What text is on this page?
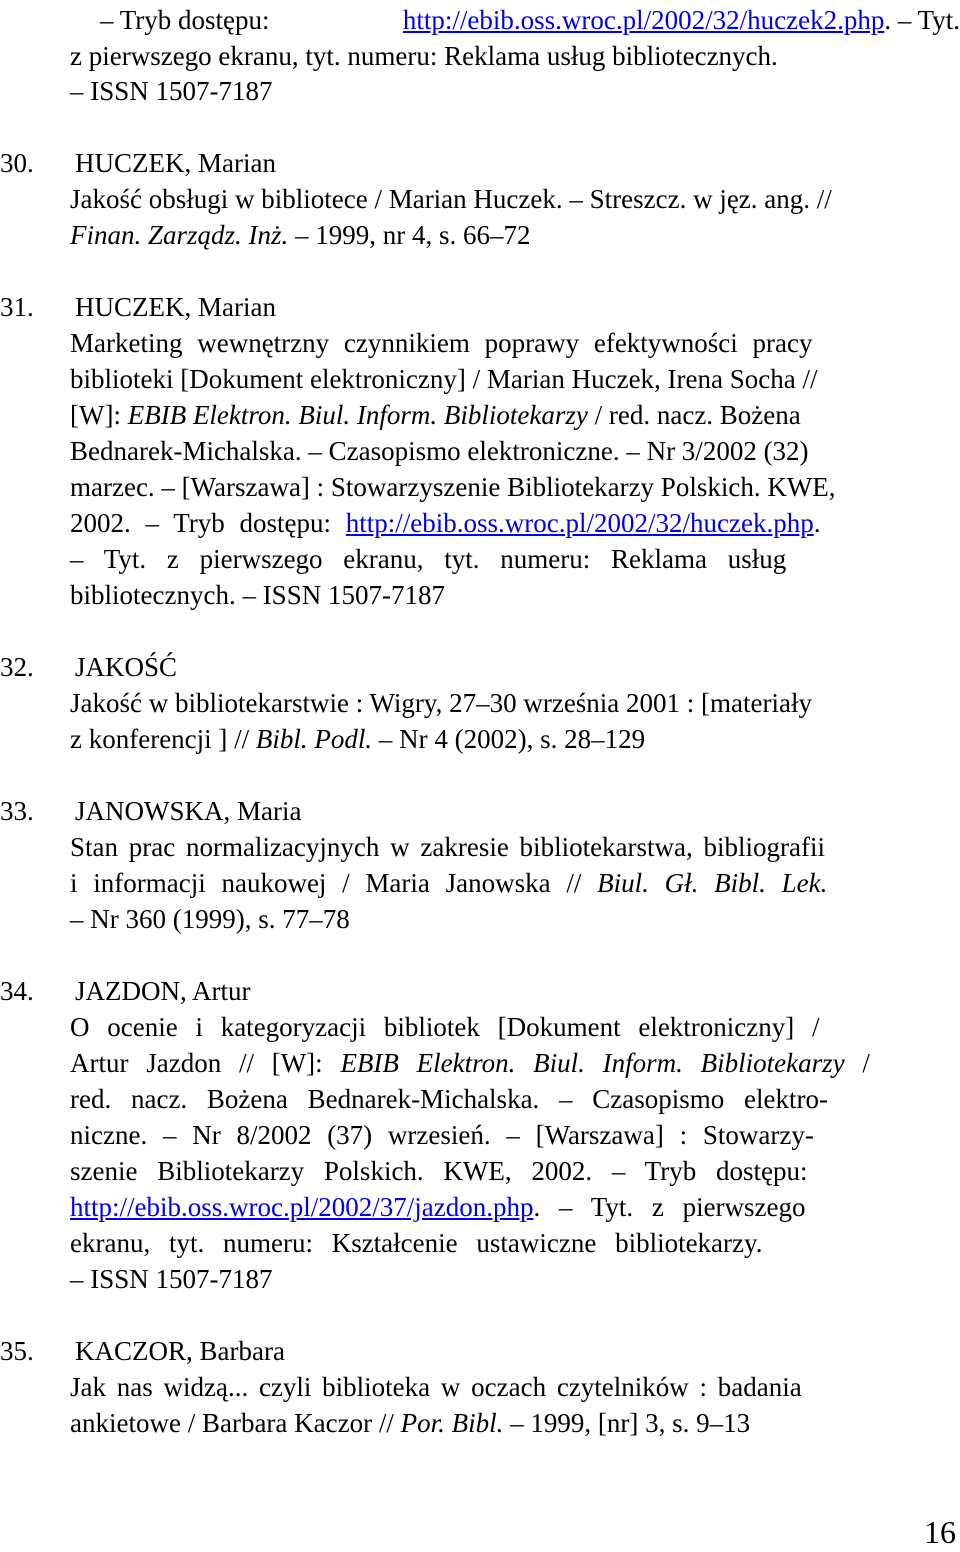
– Tryb dostępu:	http://ebib.oss.wroc.pl/2002/32/huczek2.php. – Tyt.
z pierwszego ekranu, tyt. numeru: Reklama usług bibliotecznych.
– ISSN 1507-7187
30. HUCZEK, Marian
Jakość obsługi w bibliotece / Marian Huczek. – Streszcz. w jęz. ang. //
Finan. Zarządz. Inż. – 1999, nr 4, s. 66–72
31. HUCZEK, Marian
Marketing wewnętrzny czynnikiem poprawy efektywności pracy
biblioteki [Dokument elektroniczny] / Marian Huczek, Irena Socha //
[W]: EBIB Elektron. Biul. Inform. Bibliotekarzy / red. nacz. Bożena
Bednarek-Michalska. – Czasopismo elektroniczne. – Nr 3/2002 (32)
marzec. – [Warszawa] : Stowarzyszenie Bibliotekarzy Polskich. KWE,
2002. – Tryb dostępu: http://ebib.oss.wroc.pl/2002/32/huczek.php.
– Tyt. z pierwszego ekranu, tyt. numeru: Reklama usług
bibliotecznych. – ISSN 1507-7187
32. JAKOŚĆ
Jakość w bibliotekarstwie : Wigry, 27–30 września 2001 : [materiały
z konferencji ] // Bibl. Podl. – Nr 4 (2002), s. 28–129
33. JANOWSKA, Maria
Stan prac normalizacyjnych w zakresie bibliotekarstwa, bibliografii
i informacji naukowej / Maria Janowska // Biul. Gł. Bibl. Lek.
– Nr 360 (1999), s. 77–78
34. JAZDON, Artur
O ocenie i kategoryzacji bibliotek [Dokument elektroniczny] /
Artur Jazdon // [W]: EBIB Elektron. Biul. Inform. Bibliotekarzy /
red. nacz. Bożena Bednarek-Michalska. – Czasopismo elektro-
niczne. – Nr 8/2002 (37) wrzesień. – [Warszawa] : Stowarzy-
szenie Bibliotekarzy Polskich. KWE, 2002. – Tryb dostępu:
http://ebib.oss.wroc.pl/2002/37/jazdon.php. – Tyt. z pierwszego
ekranu, tyt. numeru: Kształcenie ustawiczne bibliotekarzy.
– ISSN 1507-7187
35. KACZOR, Barbara
Jak nas widzą... czyli biblioteka w oczach czytelników : badania
ankietowe / Barbara Kaczor // Por. Bibl. – 1999, [nr] 3, s. 9–13
16
